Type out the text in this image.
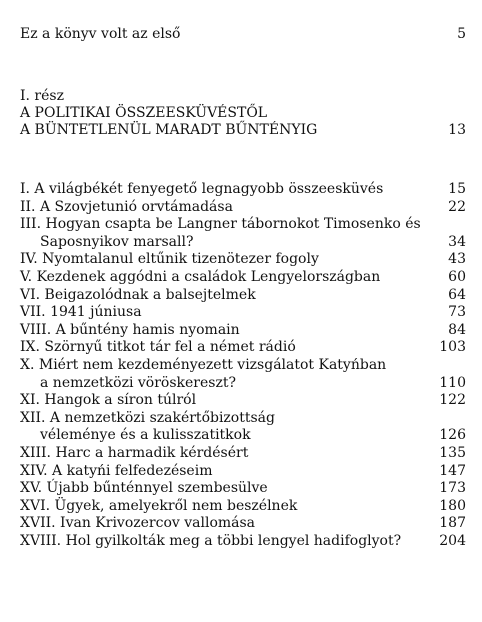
Ez a könyv volt az első	5
I. rész
A POLITIKAI ÖSSZEESKÜVÉSTŐL
A BÜNTETLENÜL MARADT BŰNTÉNYIG	13
I. A világbékét fenyegető legnagyobb összeesküvés	15
II. A Szovjetunió orvtámadása	22
III. Hogyan csapta be Langner tábornokot Timosenko és
Saposnyikov marsall?	34
IV. Nyomtalanul eltűnik tizenötezer fogoly	43
V. Kezdenek aggódni a családok Lengyelországban	60
VI. Beigazolódnak a balsejtelmek	64
VII. 1941 júniusa	73
VIII. A bűntény hamis nyomain	84
IX. Szörnyű titkot tár fel a német rádió	103
X. Miért nem kezdeményezett vizsgálatot Katyńban
a nemzetközi vöröskereszt?	110
XI. Hangok a síron túlról	122
XII. A nemzetközi szakértőbizottság
véleménye és a kulisszatitkok	126
XIII. Harc a harmadik kérdésért	135
XIV. A katyńi felfedezéseim	147
XV. Újabb bűnténnyel szembesülve	173
XVI. Ügyek, amelyekről nem beszélnek	180
XVII. Ivan Krivozercov vallomása	187
XVIII. Hol gyilkolták meg a többi lengyel hadifoglyot?	204
